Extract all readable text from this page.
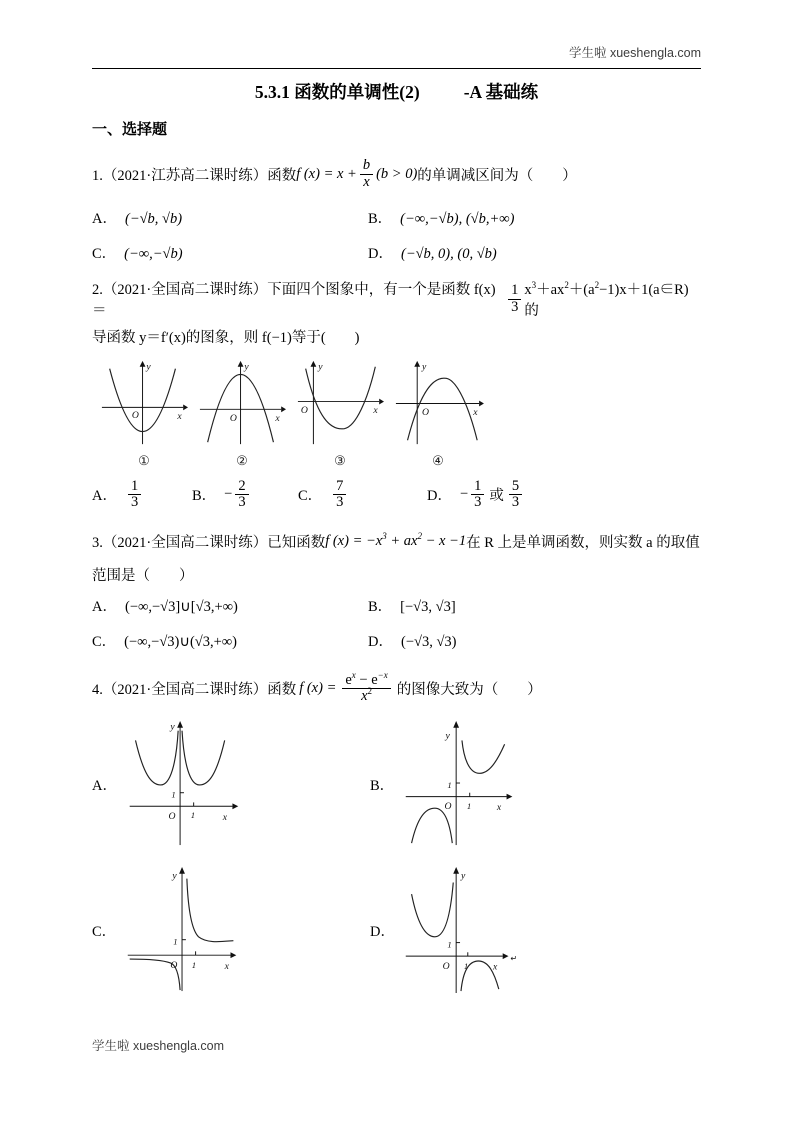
学生啦 xueshengla.com
5.3.1 函数的单调性(2)	-A 基础练
一、选择题
1.（2021·江苏高二课时练）函数 f $(x) = x + \frac{b}{x} (b > 0)$ 的单调减区间为（　　）
A． (−√b, √b)	B． (−∞,−√b), (√b,+∞)
C． (−∞,−√b)	D． (−√b, 0), (0, √b)
2.（2021·全国高二课时练）下面四个图象中，有一个是函数 f(x)＝	$\frac{1}{3}$ $x^3+ax^2+(a^2-1)x+1(a\in R)$的
导函数 y＝f′(x)的图象，则 f(−1)等于(　　)
y
x
O
①
y
x
O
②
y
x
O
③
y
x
O
④
A． $\frac{1}{3}$	B． − $\frac{2}{3}$	C． $\frac{7}{3}$	D． − $\frac{1}{3}$ 或 $\frac{5}{3}$
3.（2021·全国高二课时练）已知函数 f $(x) = -x^3 + ax^2 - x -1$ 在 R 上是单调函数，则实数 a 的取值
范围是（　　）
A． (−∞,−√3]∪[√3,+∞)	B． [−√3, √3]
C． (−∞,−√3)∪(√3,+∞)	D． (−√3, √3)
4.（2021·全国高二课时练）函数 f $(x) = \frac{e^x - e^{-x}}{x^2}$ 的图像大致为（　　）
A．
y
x
O
1
1
B．
y
x
O
1
1
C．
y
x
O
1
1
D．
y
x
O
1
1
↵
学生啦 xueshengla.com
